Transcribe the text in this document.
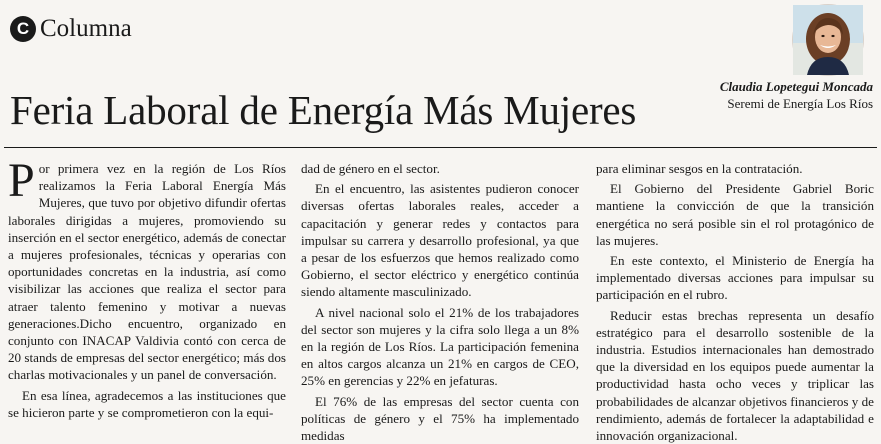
C Columna
Feria Laboral de Energía Más Mujeres
Claudia Lopetegui Moncada
Seremi de Energía Los Ríos

Por primera vez en la región de Los Ríos realizamos la Feria Laboral Energía Más Mujeres, que tuvo por objetivo difundir ofertas laborales dirigidas a mujeres, promoviendo su inserción en el sector energético, además de conectar a mujeres profesionales, técnicas y operarias con oportunidades concretas en la industria, así como visibilizar las acciones que realiza el sector para atraer talento femenino y motivar a nuevas generaciones.Dicho encuentro, organizado en conjunto con INACAP Valdivia contó con cerca de 20 stands de empresas del sector energético; más dos charlas motivacionales y un panel de conversación.

En esa línea, agradecemos a las instituciones que se hicieron parte y se comprometieron con la equi-

dad de género en el sector.

En el encuentro, las asistentes pudieron conocer diversas ofertas laborales reales, acceder a capacitación y generar redes y contactos para impulsar su carrera y desarrollo profesional, ya que a pesar de los esfuerzos que hemos realizado como Gobierno, el sector eléctrico y energético continúa siendo altamente masculinizado.

A nivel nacional solo el 21% de los trabajadores del sector son mujeres y la cifra solo llega a un 8% en la región de Los Ríos. La participación femenina en altos cargos alcanza un 21% en cargos de CEO, 25% en gerencias y 22% en jefaturas.

El 76% de las empresas del sector cuenta con políticas de género y el 75% ha implementado medidas

para eliminar sesgos en la contratación.

El Gobierno del Presidente Gabriel Boric mantiene la convicción de que la transición energética no será posible sin el rol protagónico de las mujeres.

En este contexto, el Ministerio de Energía ha implementado diversas acciones para impulsar su participación en el rubro.

Reducir estas brechas representa un desafío estratégico para el desarrollo sostenible de la industria. Estudios internacionales han demostrado que la diversidad en los equipos puede aumentar la productividad hasta ocho veces y triplicar las probabilidades de alcanzar objetivos financieros y de rendimiento, además de fortalecer la adaptabilidad e innovación organizacional.
